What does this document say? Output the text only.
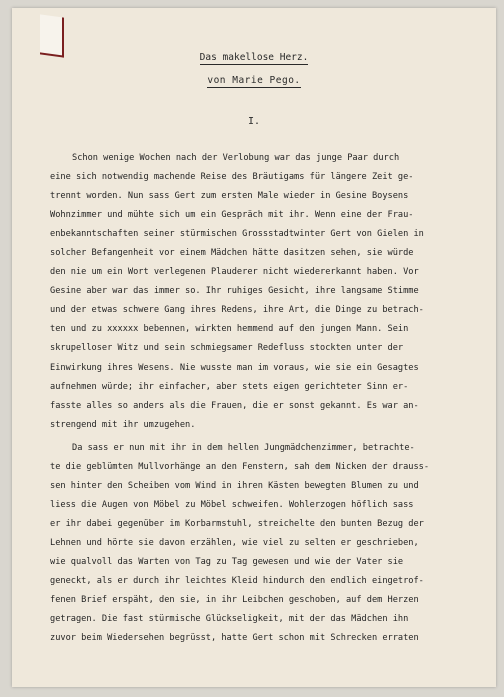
Das makellose Herz.
von Marie Pego.
I.
Schon wenige Wochen nach der Verlobung war das junge Paar durch
eine sich notwendig machende Reise des Bräutigams für längere Zeit ge-
trennt worden. Nun sass Gert zum ersten Male wieder in Gesine Boysens
Wohnzimmer und mühte sich um ein Gespräch mit ihr. Wenn eine der Frau-
enbekanntschaften seiner stürmischen Grossstadtwinter Gert von Gielen in
solcher Befangenheit vor einem Mädchen hätte dasitzen sehen, sie würde
den nie um ein Wort verlegenen Plauderer nicht wiedererkannt haben. Vor
Gesine aber war das immer so. Ihr ruhiges Gesicht, ihre langsame Stimme
und der etwas schwere Gang ihres Redens, ihre Art, die Dinge zu betrach-
ten und zu xxxxxx bebennen, wirkten hemmend auf den jungen Mann. Sein
skrupelloser Witz und sein schmiegsamer Redefluss stockten unter der
Einwirkung ihres Wesens. Nie wusste man im voraus, wie sie ein Gesagtes
aufnehmen würde; ihr einfacher, aber stets eigen gerichteter Sinn er-
fasste alles so anders als die Frauen, die er sonst gekannt. Es war an-
strengend mit ihr umzugehen.
Da sass er nun mit ihr in dem hellen Jungmädchenzimmer, betrachte-
te die geblümten Mullvorhänge an den Fenstern, sah dem Nicken der drauss-
sen hinter den Scheiben vom Wind in ihren Kästen bewegten Blumen zu und
liess die Augen von Möbel zu Möbel schweifen. Wohlerzogen höflich sass
er ihr dabei gegenüber im Korbarmstuhl, streichelte den bunten Bezug der
Lehnen und hörte sie davon erzählen, wie viel zu selten er geschrieben,
wie qualvoll das Warten von Tag zu Tag gewesen und wie der Vater sie
geneckt, als er durch ihr leichtes Kleid hindurch den endlich eingetrof-
fenen Brief erspäht, den sie, in ihr Leibchen geschoben, auf dem Herzen
getragen. Die fast stürmische Glückseligkeit, mit der das Mädchen ihn
zuvor beim Wiedersehen begrüsst, hatte Gert schon mit Schrecken erraten
